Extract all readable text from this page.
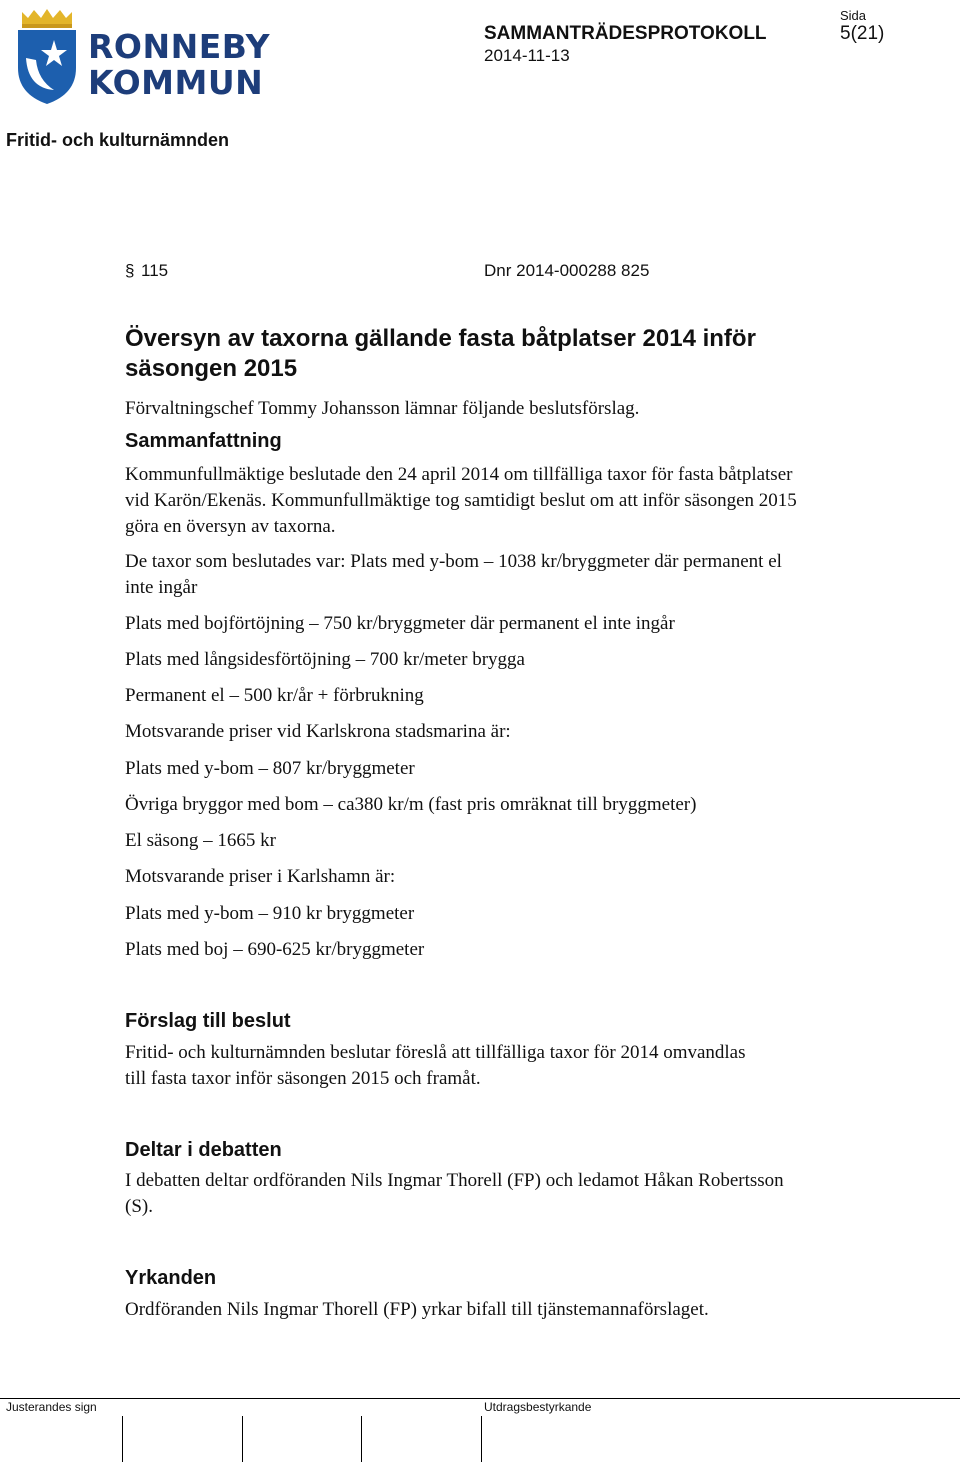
RONNEBY
KOMMUN
SAMMANTRÄDESPROTOKOLL
2014-11-13
Sida
5(21)
Fritid- och kulturnämnden
§ 115	Dnr 2014-000288 825
Översyn av taxorna gällande fasta båtplatser 2014 inför säsongen 2015
Förvaltningschef Tommy Johansson lämnar följande beslutsförslag.
Sammanfattning
Kommunfullmäktige beslutade den 24 april 2014 om tillfälliga taxor för fasta båtplatser vid Karön/Ekenäs. Kommunfullmäktige tog samtidigt beslut om att inför säsongen 2015 göra en översyn av taxorna.
De taxor som beslutades var: Plats med y-bom – 1038 kr/bryggmeter där permanent el inte ingår
Plats med bojförtöjning – 750 kr/bryggmeter där permanent el inte ingår
Plats med långsidesförtöjning – 700 kr/meter brygga
Permanent el – 500 kr/år + förbrukning
Motsvarande priser vid Karlskrona stadsmarina är:
Plats med y-bom – 807 kr/bryggmeter
Övriga bryggor med bom – ca380 kr/m (fast pris omräknat till bryggmeter)
El säsong – 1665 kr
Motsvarande priser i Karlshamn är:
Plats med y-bom – 910 kr bryggmeter
Plats med boj – 690-625 kr/bryggmeter
Förslag till beslut
Fritid- och kulturnämnden beslutar föreslå att tillfälliga taxor för 2014 omvandlas till fasta taxor inför säsongen 2015 och framåt.
Deltar i debatten
I debatten deltar ordföranden Nils Ingmar Thorell (FP) och ledamot Håkan Robertsson (S).
Yrkanden
Ordföranden Nils Ingmar Thorell (FP) yrkar bifall till tjänstemannaförslaget.
Justerandes sign	Utdragsbestyrkande
